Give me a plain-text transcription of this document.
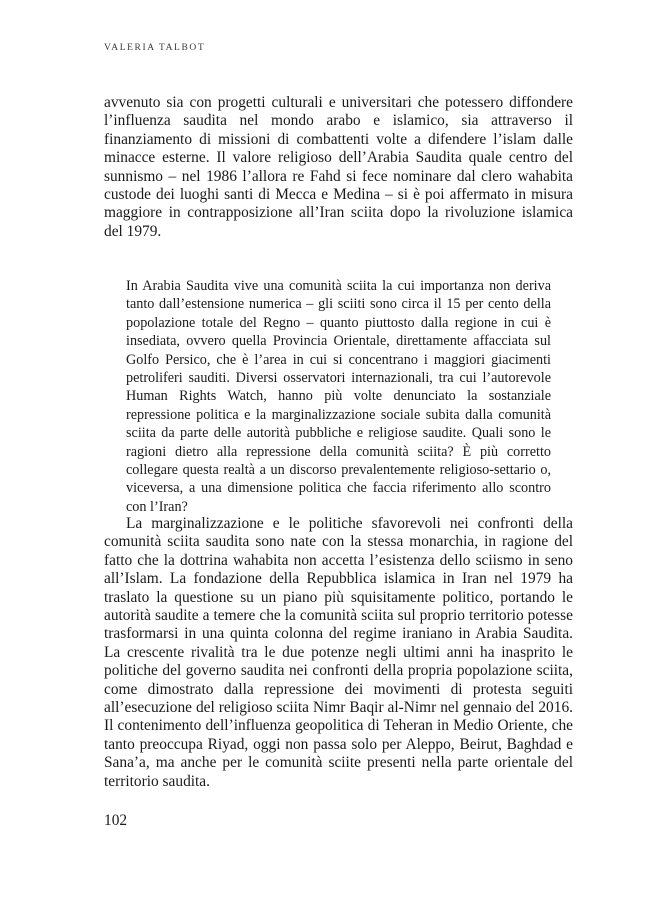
VALERIA TALBOT

avvenuto sia con progetti culturali e universitari che potessero diffondere l’influenza saudita nel mondo arabo e islamico, sia attraverso il finanziamento di missioni di combattenti volte a difendere l’islam dalle minacce esterne. Il valore religioso dell’Arabia Saudita quale centro del sunnismo – nel 1986 l’allora re Fahd si fece nominare dal clero wahabita custode dei luoghi santi di Mecca e Medina – si è poi affermato in misura maggiore in contrapposizione all’Iran sciita dopo la rivoluzione islamica del 1979.

In Arabia Saudita vive una comunità sciita la cui importanza non deriva tanto dall’estensione numerica – gli sciiti sono circa il 15 per cento della popolazione totale del Regno – quanto piuttosto dalla regione in cui è insediata, ovvero quella Provincia Orientale, direttamente affacciata sul Golfo Persico, che è l’area in cui si concentrano i maggiori giacimenti petroliferi sauditi. Diversi osservatori internazionali, tra cui l’autorevole Human Rights Watch, hanno più volte denunciato la sostanziale repressione politica e la marginalizzazione sociale subita dalla comunità sciita da parte delle autorità pubbliche e religiose saudite. Quali sono le ragioni dietro alla repressione della comunità sciita? È più corretto collegare questa realtà a un discorso prevalentemente religioso-settario o, viceversa, a una dimensione politica che faccia riferimento allo scontro con l’Iran?

La marginalizzazione e le politiche sfavorevoli nei confronti della comunità sciita saudita sono nate con la stessa monarchia, in ragione del fatto che la dottrina wahabita non accetta l’esistenza dello sciismo in seno all’Islam. La fondazione della Repubblica islamica in Iran nel 1979 ha traslato la questione su un piano più squisitamente politico, portando le autorità saudite a temere che la comunità sciita sul proprio territorio potesse trasformarsi in una quinta colonna del regime iraniano in Arabia Saudita. La crescente rivalità tra le due potenze negli ultimi anni ha inasprito le politiche del governo saudita nei confronti della propria popolazione sciita, come dimostrato dalla repressione dei movimenti di protesta seguiti all’esecuzione del religioso sciita Nimr Baqir al-Nimr nel gennaio del 2016. Il contenimento dell’influenza geopolitica di Teheran in Medio Oriente, che tanto preoccupa Riyad, oggi non passa solo per Aleppo, Beirut, Baghdad e Sana’a, ma anche per le comunità sciite presenti nella parte orientale del territorio saudita.

102
